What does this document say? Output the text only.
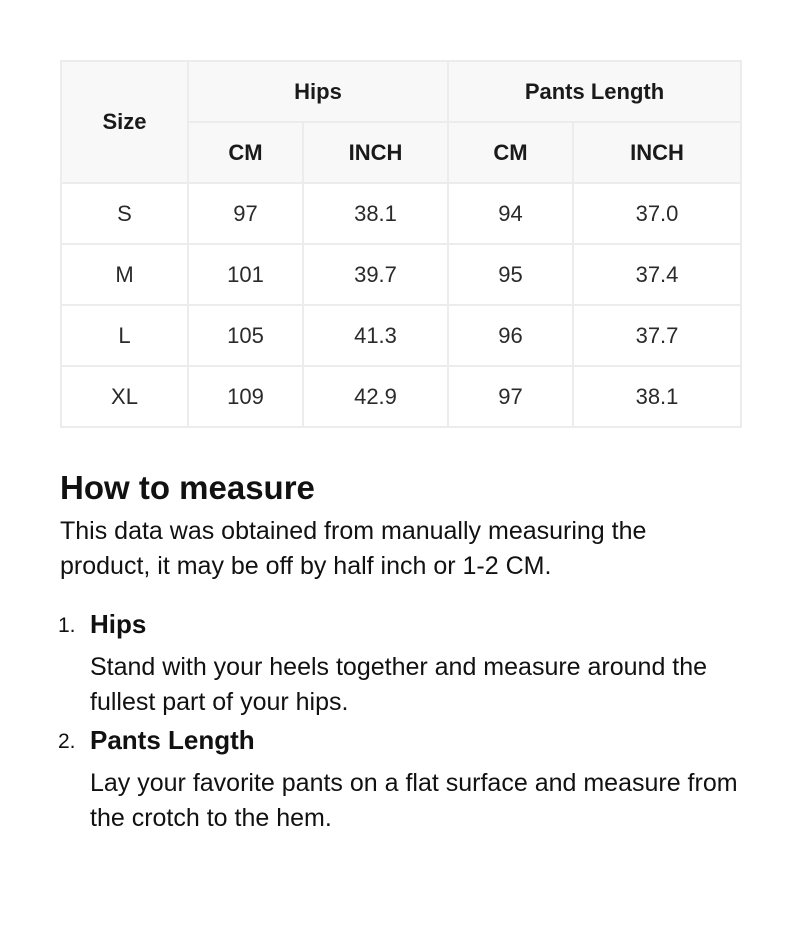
Size	Hips		Pants Length	
	CM	INCH	CM	INCH
S	97	38.1	94	37.0
M	101	39.7	95	37.4
L	105	41.3	96	37.7
XL	109	42.9	97	38.1
How to measure

This data was obtained from manually measuring the product, it may be off by half inch or 1-2 CM.

1. Hips

Stand with your heels together and measure around the fullest part of your hips.

2. Pants Length

Lay your favorite pants on a flat surface and measure from the crotch to the hem.
